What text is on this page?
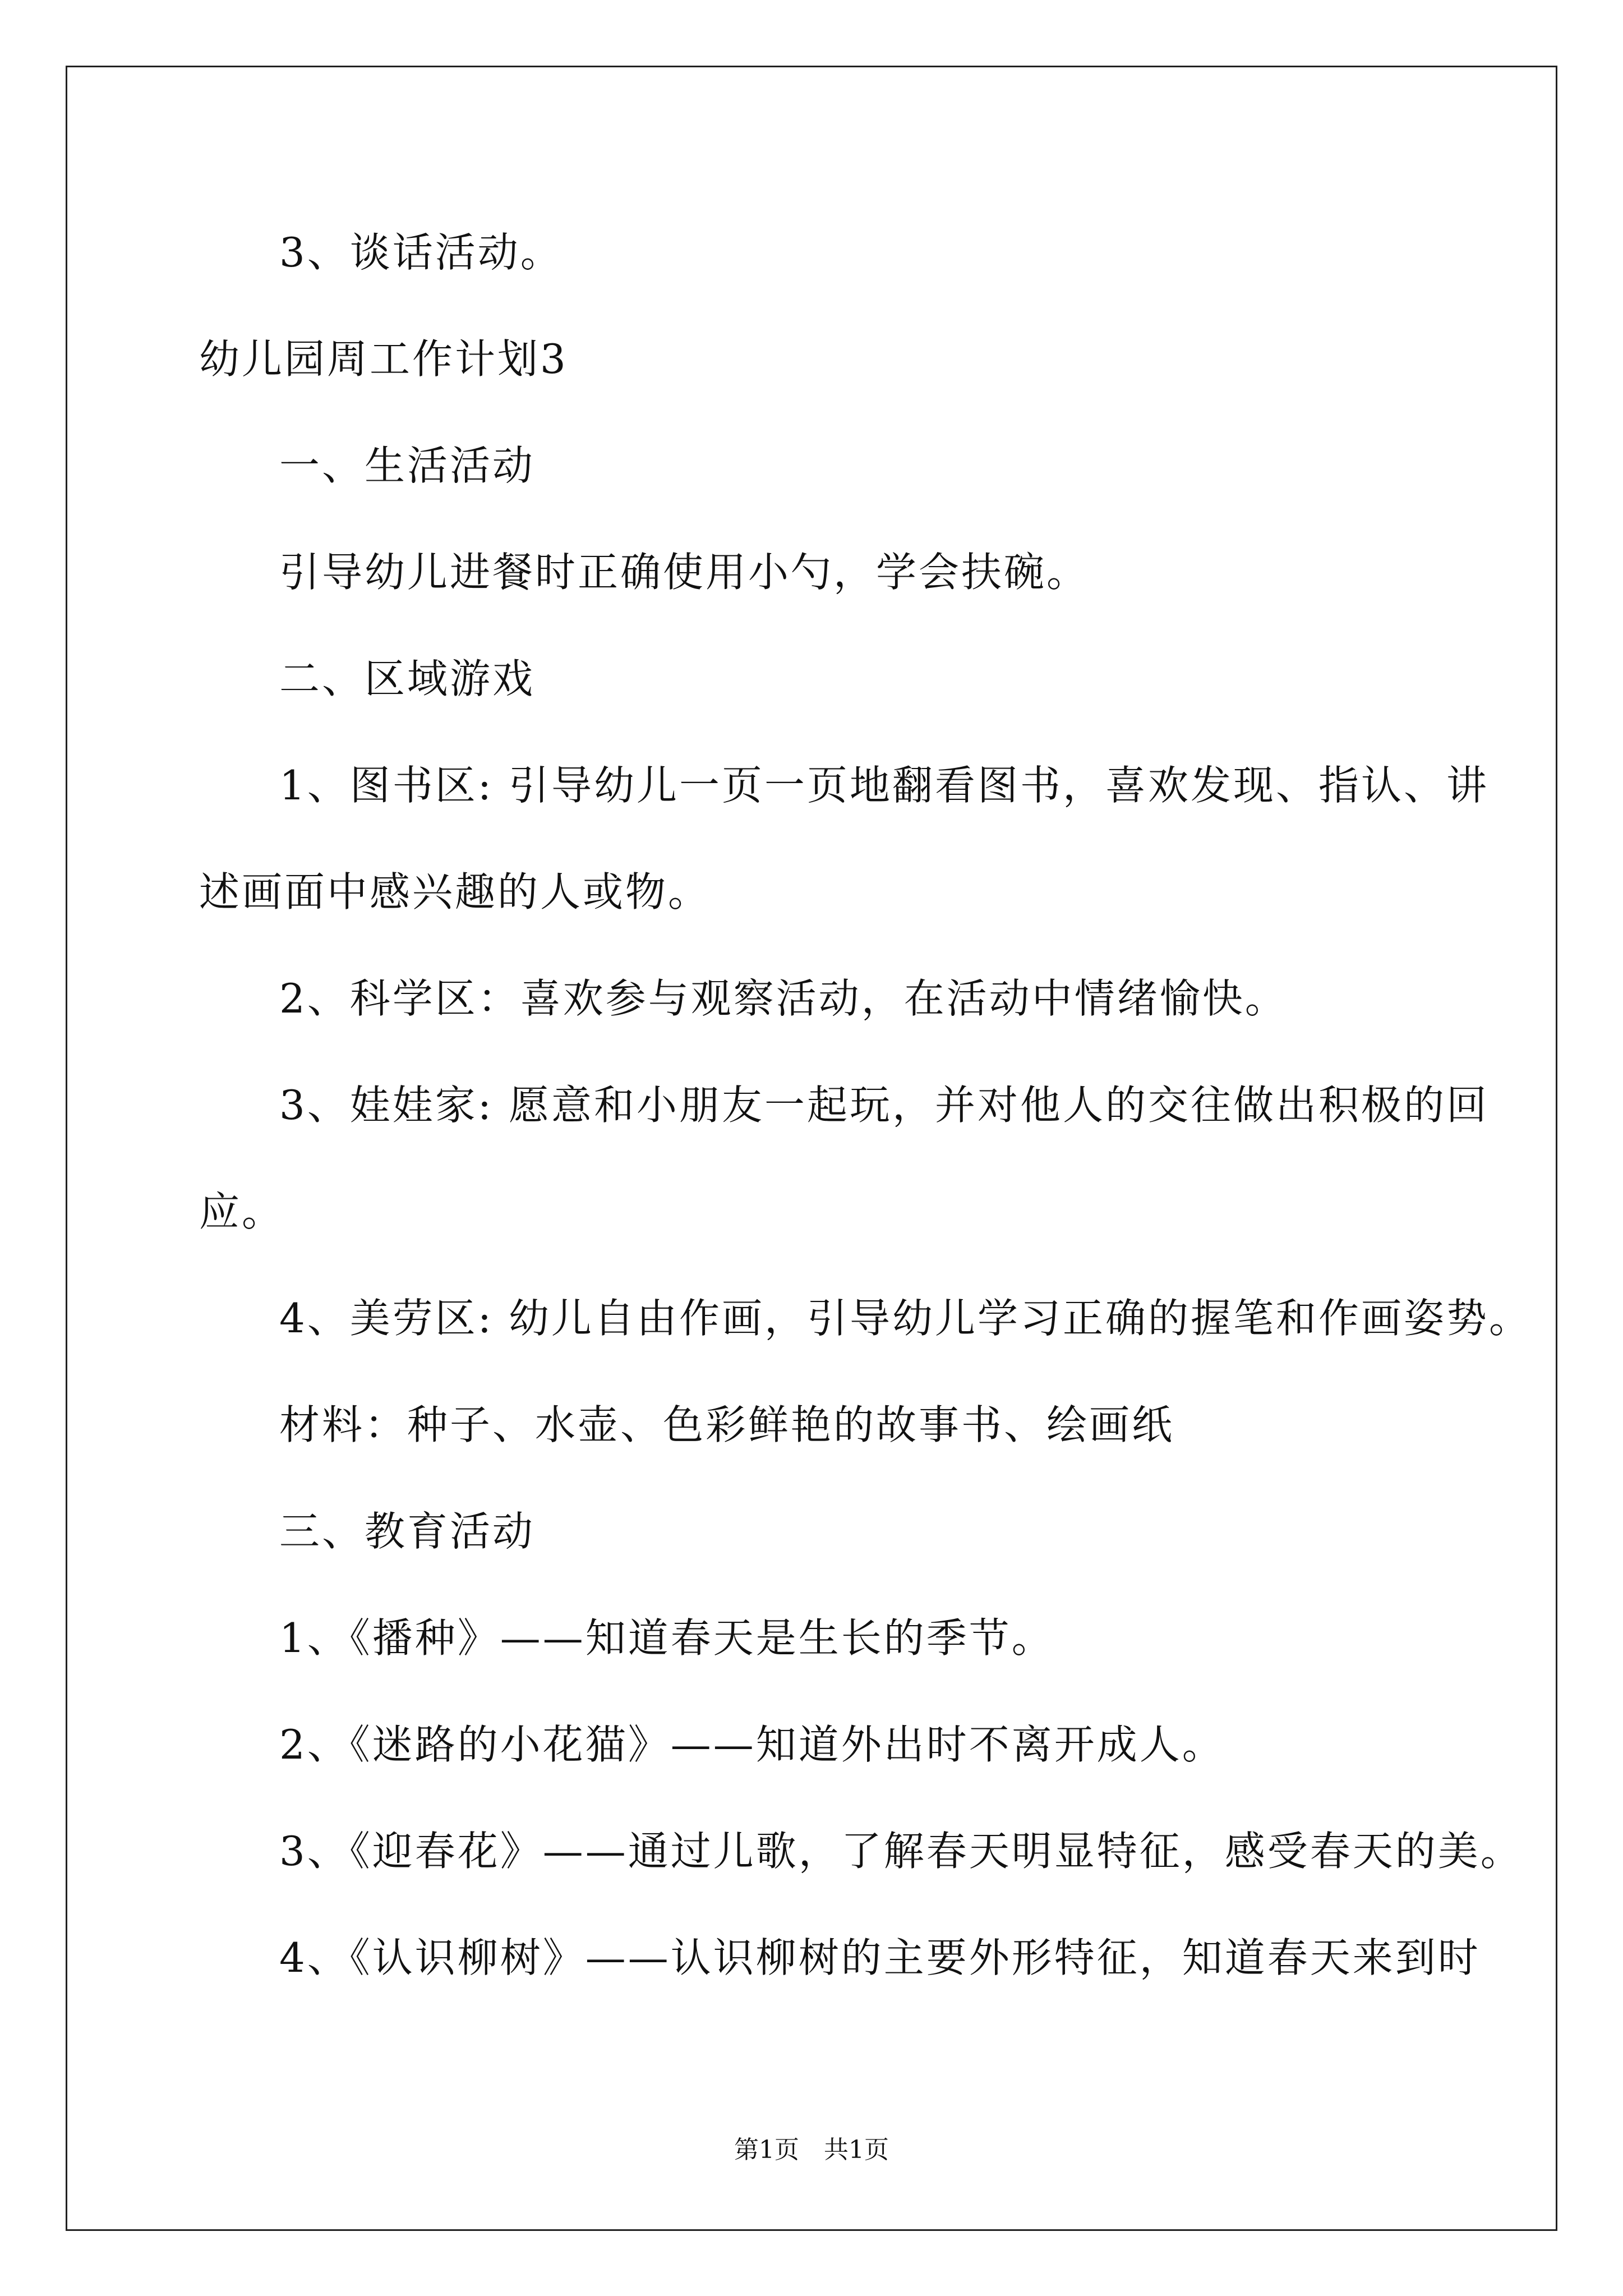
3、谈话活动。
幼儿园周工作计划3
一、生活活动
引导幼儿进餐时正确使用小勺，学会扶碗。
二、区域游戏
1、图书区: 引导幼儿一页一页地翻看图书，喜欢发现、指认、讲
述画面中感兴趣的人或物。
2、科学区：喜欢参与观察活动，在活动中情绪愉快。
3、娃娃家: 愿意和小朋友一起玩，并对他人的交往做出积极的回
应。
4、美劳区: 幼儿自由作画，引导幼儿学习正确的握笔和作画姿势。
材料：种子、水壶、色彩鲜艳的故事书、绘画纸
三、教育活动
1、《播种》——知道春天是生长的季节。
2、《迷路的小花猫》——知道外出时不离开成人。
3、《迎春花》——通过儿歌，了解春天明显特征，感受春天的美。
4、《认识柳树》——认识柳树的主要外形特征，知道春天来到时
第1页　共1页
